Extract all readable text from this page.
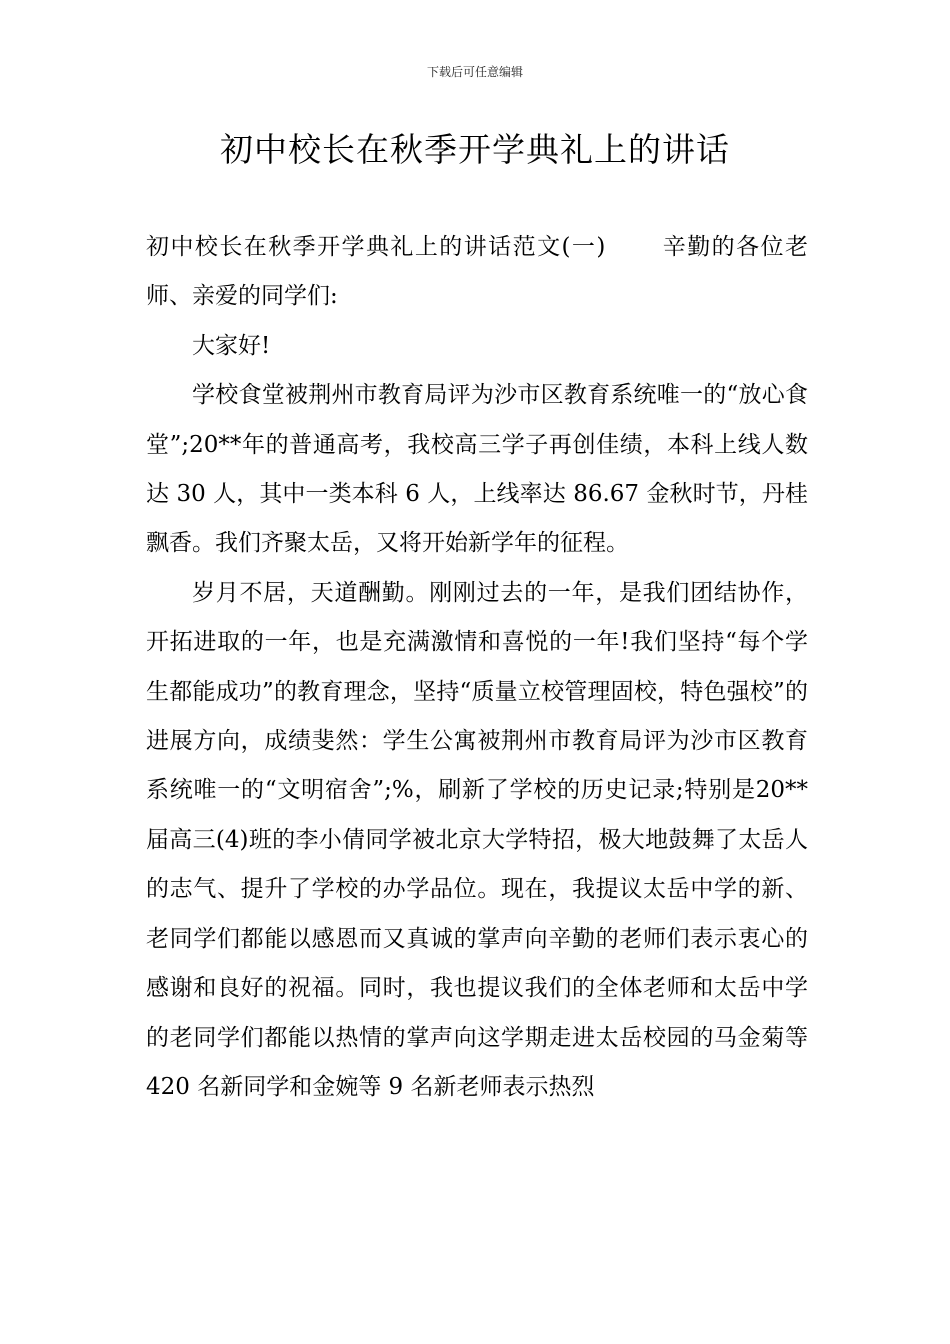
下载后可任意编辑
初中校长在秋季开学典礼上的讲话

初中校长在秋季开学典礼上的讲话范文(一) 辛勤的各位老师、亲爱的同学们:

大家好!

学校食堂被荆州市教育局评为沙市区教育系统唯一的“放心食堂”;20**年的普通高考，我校高三学子再创佳绩，本科上线人数达 30 人，其中一类本科 6 人，上线率达 86.67 金秋时节，丹桂飘香。我们齐聚太岳，又将开始新学年的征程。

岁月不居，天道酬勤。刚刚过去的一年，是我们团结协作，开拓进取的一年，也是充满激情和喜悦的一年!我们坚持“每个学生都能成功”的教育理念，坚持“质量立校管理固校，特色强校”的进展方向，成绩斐然：学生公寓被荆州市教育局评为沙市区教育系统唯一的“文明宿舍”;%，刷新了学校的历史记录;特别是20**届高三(4)班的李小倩同学被北京大学特招，极大地鼓舞了太岳人的志气、提升了学校的办学品位。现在，我提议太岳中学的新、老同学们都能以感恩而又真诚的掌声向辛勤的老师们表示衷心的感谢和良好的祝福。同时，我也提议我们的全体老师和太岳中学的老同学们都能以热情的掌声向这学期走进太岳校园的马金菊等 420 名新同学和金婉等 9 名新老师表示热烈
